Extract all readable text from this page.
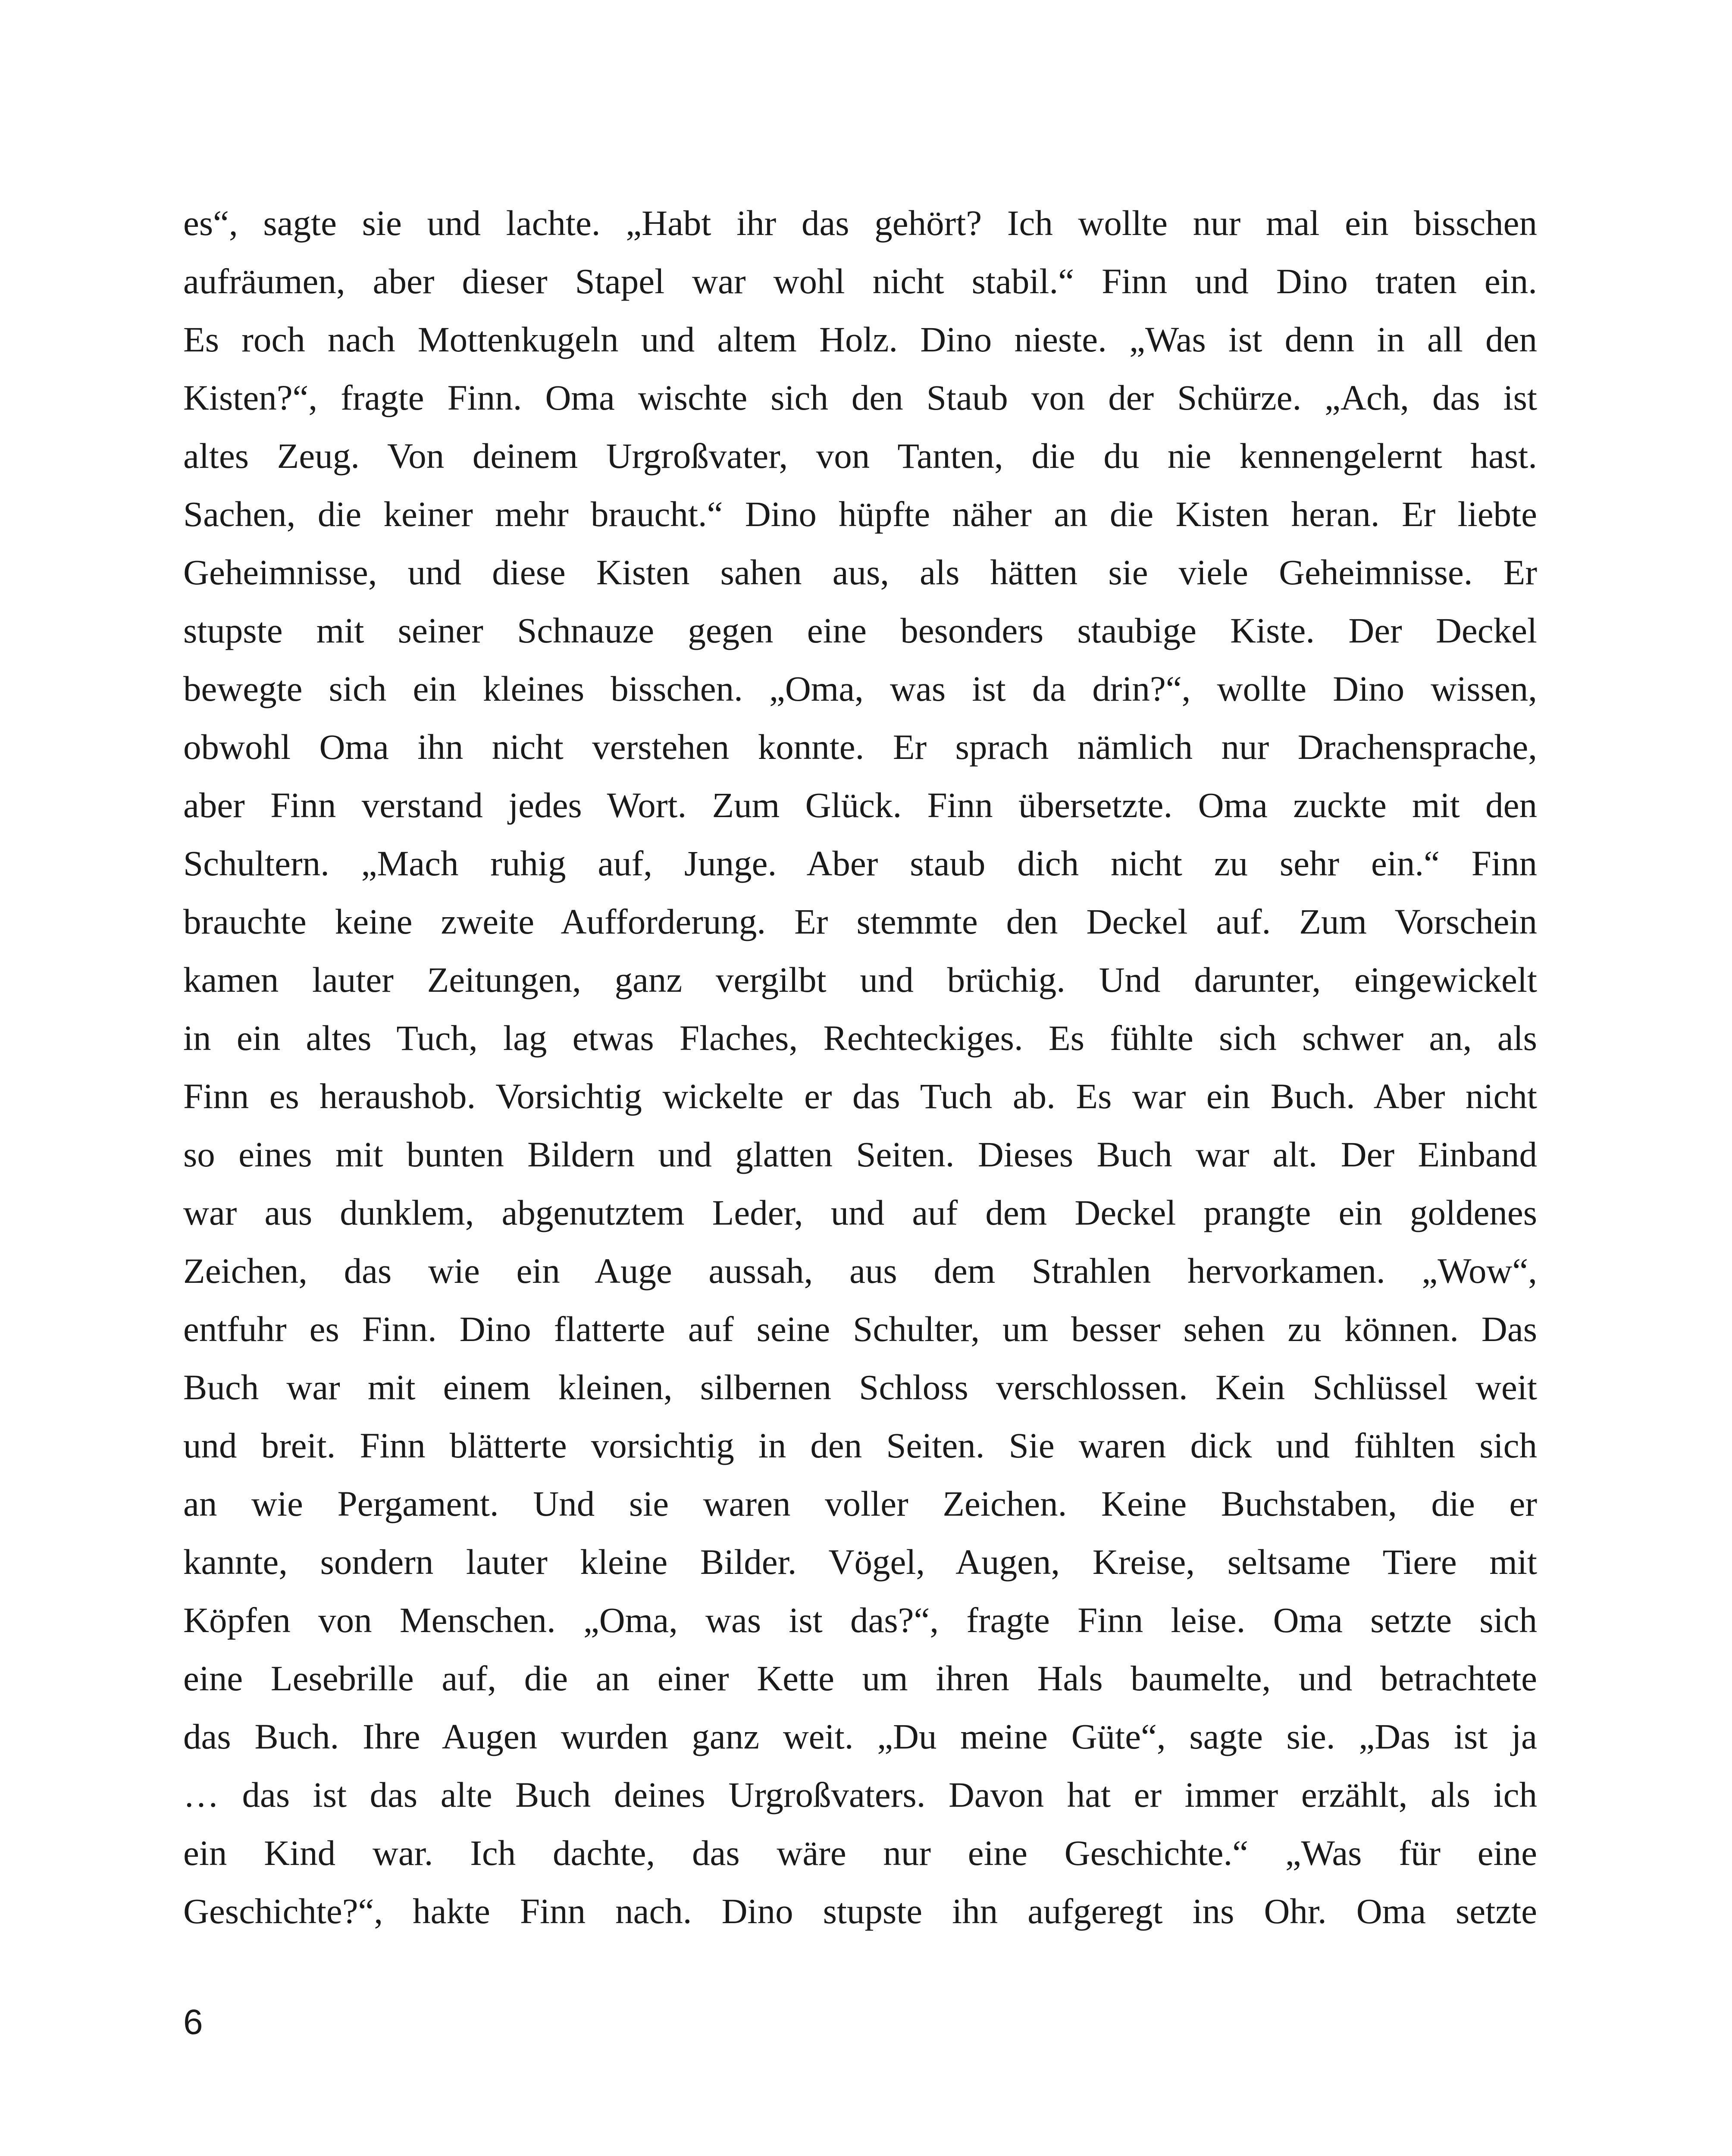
es“, sagte sie und lachte. „Habt ihr das gehört? Ich wollte nur mal ein bisschen
aufräumen, aber dieser Stapel war wohl nicht stabil.“ Finn und Dino traten ein.
Es roch nach Mottenkugeln und altem Holz. Dino nieste. „Was ist denn in all den
Kisten?“, fragte Finn. Oma wischte sich den Staub von der Schürze. „Ach, das ist
altes Zeug. Von deinem Urgroßvater, von Tanten, die du nie kennengelernt hast.
Sachen, die keiner mehr braucht.“ Dino hüpfte näher an die Kisten heran. Er liebte
Geheimnisse, und diese Kisten sahen aus, als hätten sie viele Geheimnisse. Er
stupste mit seiner Schnauze gegen eine besonders staubige Kiste. Der Deckel
bewegte sich ein kleines bisschen. „Oma, was ist da drin?“, wollte Dino wissen,
obwohl Oma ihn nicht verstehen konnte. Er sprach nämlich nur Drachensprache,
aber Finn verstand jedes Wort. Zum Glück. Finn übersetzte. Oma zuckte mit den
Schultern. „Mach ruhig auf, Junge. Aber staub dich nicht zu sehr ein.“ Finn
brauchte keine zweite Aufforderung. Er stemmte den Deckel auf. Zum Vorschein
kamen lauter Zeitungen, ganz vergilbt und brüchig. Und darunter, eingewickelt
in ein altes Tuch, lag etwas Flaches, Rechteckiges. Es fühlte sich schwer an, als
Finn es heraushob. Vorsichtig wickelte er das Tuch ab. Es war ein Buch. Aber nicht
so eines mit bunten Bildern und glatten Seiten. Dieses Buch war alt. Der Einband
war aus dunklem, abgenutztem Leder, und auf dem Deckel prangte ein goldenes
Zeichen, das wie ein Auge aussah, aus dem Strahlen hervorkamen. „Wow“,
entfuhr es Finn. Dino flatterte auf seine Schulter, um besser sehen zu können. Das
Buch war mit einem kleinen, silbernen Schloss verschlossen. Kein Schlüssel weit
und breit. Finn blätterte vorsichtig in den Seiten. Sie waren dick und fühlten sich
an wie Pergament. Und sie waren voller Zeichen. Keine Buchstaben, die er
kannte, sondern lauter kleine Bilder. Vögel, Augen, Kreise, seltsame Tiere mit
Köpfen von Menschen. „Oma, was ist das?“, fragte Finn leise. Oma setzte sich
eine Lesebrille auf, die an einer Kette um ihren Hals baumelte, und betrachtete
das Buch. Ihre Augen wurden ganz weit. „Du meine Güte“, sagte sie. „Das ist ja
… das ist das alte Buch deines Urgroßvaters. Davon hat er immer erzählt, als ich
ein Kind war. Ich dachte, das wäre nur eine Geschichte.“ „Was für eine
Geschichte?“, hakte Finn nach. Dino stupste ihn aufgeregt ins Ohr. Oma setzte
6
